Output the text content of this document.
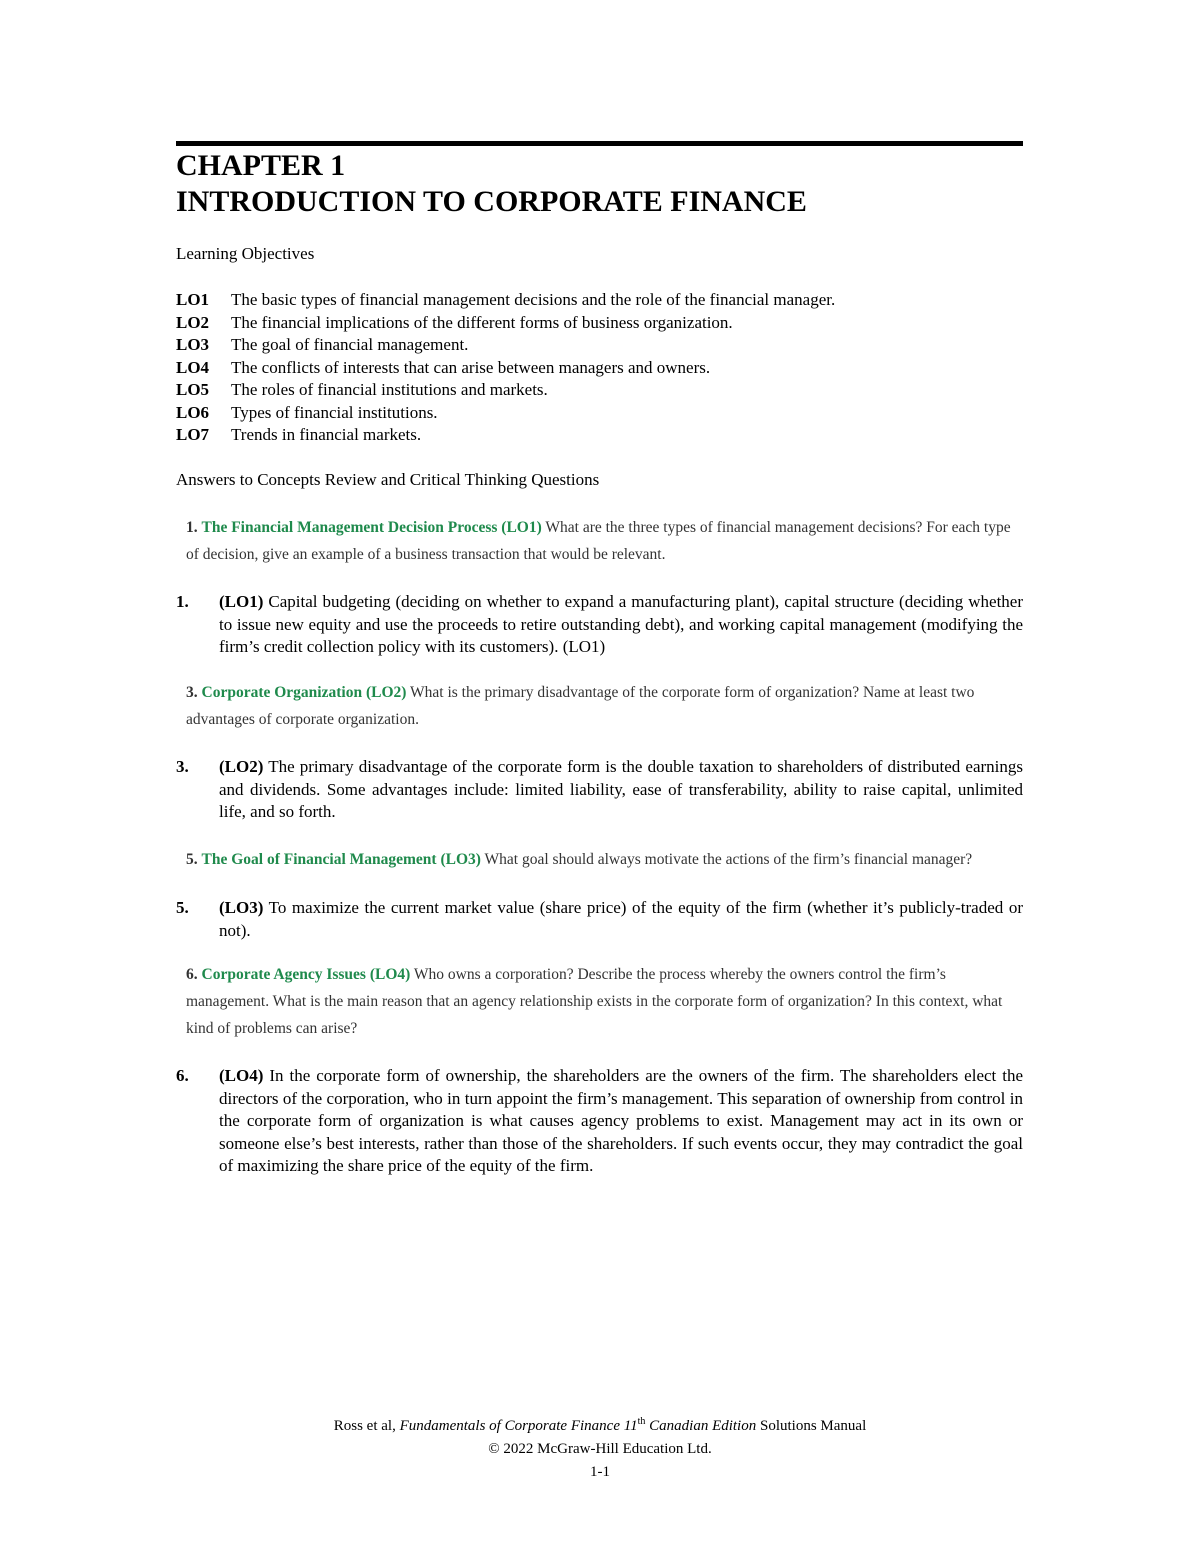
CHAPTER 1
INTRODUCTION TO CORPORATE FINANCE
Learning Objectives
LO1	The basic types of financial management decisions and the role of the financial manager.
LO2	The financial implications of the different forms of business organization.
LO3	The goal of financial management.
LO4	The conflicts of interests that can arise between managers and owners.
LO5	The roles of financial institutions and markets.
LO6	Types of financial institutions.
LO7	Trends in financial markets.
Answers to Concepts Review and Critical Thinking Questions
1. The Financial Management Decision Process (LO1) What are the three types of financial management decisions? For each type of decision, give an example of a business transaction that would be relevant.
1.	(LO1) Capital budgeting (deciding on whether to expand a manufacturing plant), capital structure (deciding whether to issue new equity and use the proceeds to retire outstanding debt), and working capital management (modifying the firm’s credit collection policy with its customers). (LO1)
3. Corporate Organization (LO2) What is the primary disadvantage of the corporate form of organization? Name at least two advantages of corporate organization.
3.	(LO2) The primary disadvantage of the corporate form is the double taxation to shareholders of distributed earnings and dividends. Some advantages include: limited liability, ease of transferability, ability to raise capital, unlimited life, and so forth.
5. The Goal of Financial Management (LO3) What goal should always motivate the actions of the firm’s financial manager?
5.	(LO3) To maximize the current market value (share price) of the equity of the firm (whether it’s publicly-traded or not).
6. Corporate Agency Issues (LO4) Who owns a corporation? Describe the process whereby the owners control the firm’s management. What is the main reason that an agency relationship exists in the corporate form of organization? In this context, what kind of problems can arise?
6.	(LO4) In the corporate form of ownership, the shareholders are the owners of the firm. The shareholders elect the directors of the corporation, who in turn appoint the firm’s management. This separation of ownership from control in the corporate form of organization is what causes agency problems to exist. Management may act in its own or someone else’s best interests, rather than those of the shareholders. If such events occur, they may contradict the goal of maximizing the share price of the equity of the firm.
Ross et al, Fundamentals of Corporate Finance 11th Canadian Edition Solutions Manual
© 2022 McGraw-Hill Education Ltd.
1-1
